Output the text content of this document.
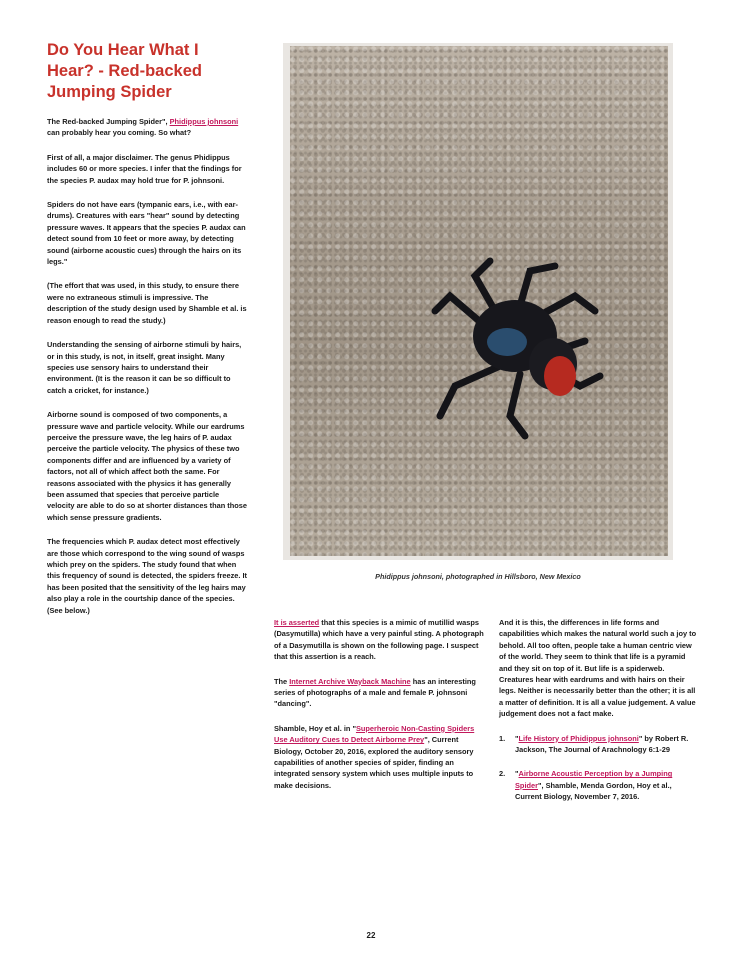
Do You Hear What I Hear? - Red-backed Jumping Spider

The Red-backed Jumping Spider", Phidippus johnsoni can probably hear you coming. So what?

First of all, a major disclaimer. The genus Phidippus includes 60 or more species. I infer that the findings for the species P. audax may hold true for P. johnsoni.

Spiders do not have ears (tympanic ears, i.e., with ear-drums). Creatures with ears "hear" sound by detecting pressure waves. It appears that the species P. audax can detect sound from 10 feet or more away, by detecting sound (airborne acoustic cues) through the hairs on its legs."

(The effort that was used, in this study, to ensure there were no extraneous stimuli is impressive. The description of the study design used by Shamble et al. is reason enough to read the study.)

Understanding the sensing of airborne stimuli by hairs, or in this study, is not, in itself, great insight. Many species use sensory hairs to understand their environment. (It is the reason it can be so difficult to catch a cricket, for instance.)

Airborne sound is composed of two components, a pressure wave and particle velocity. While our eardrums perceive the pressure wave, the leg hairs of P. audax perceive the particle velocity. The physics of these two components differ and are influenced by a variety of factors, not all of which affect both the same. For reasons associated with the physics it has generally been assumed that species that perceive particle velocity are able to do so at shorter distances than those which sense pressure gradients.

The frequencies which P. audax detect most effectively are those which correspond to the wing sound of wasps which prey on the spiders. The study found that when this frequency of sound is detected, the spiders freeze. It has been posited that the sensitivity of the leg hairs may also play a role in the courtship dance of the species. (See below.)

Phidippus johnsoni, photographed in Hillsboro, New Mexico

It is asserted that this species is a mimic of mutillid wasps (Dasymutilla) which have a very painful sting. A photograph of a Dasymutilla is shown on the following page. I suspect that this assertion is a reach.

The Internet Archive Wayback Machine has an interesting series of photographs of a male and female P. johnsoni "dancing".

Shamble, Hoy et al. in "Superheroic Non-Casting Spiders Use Auditory Cues to Detect Airborne Prey", Current Biology, October 20, 2016, explored the auditory sensory capabilities of another species of spider, finding an integrated sensory system which uses multiple inputs to make decisions.

And it is this, the differences in life forms and capabilities which makes the natural world such a joy to behold. All too often, people take a human centric view of the world. They seem to think that life is a pyramid and they sit on top of it. But life is a spiderweb. Creatures hear with eardrums and with hairs on their legs. Neither is necessarily better than the other; it is all a matter of definition. It is all a value judgement. A value judgement does not a fact make.

1.	"Life History of Phidippus johnsoni" by Robert R. Jackson, The Journal of Arachnology 6:1-29
2.	"Airborne Acoustic Perception by a Jumping Spider", Shamble, Menda Gordon, Hoy et al., Current Biology, November 7, 2016.
22
